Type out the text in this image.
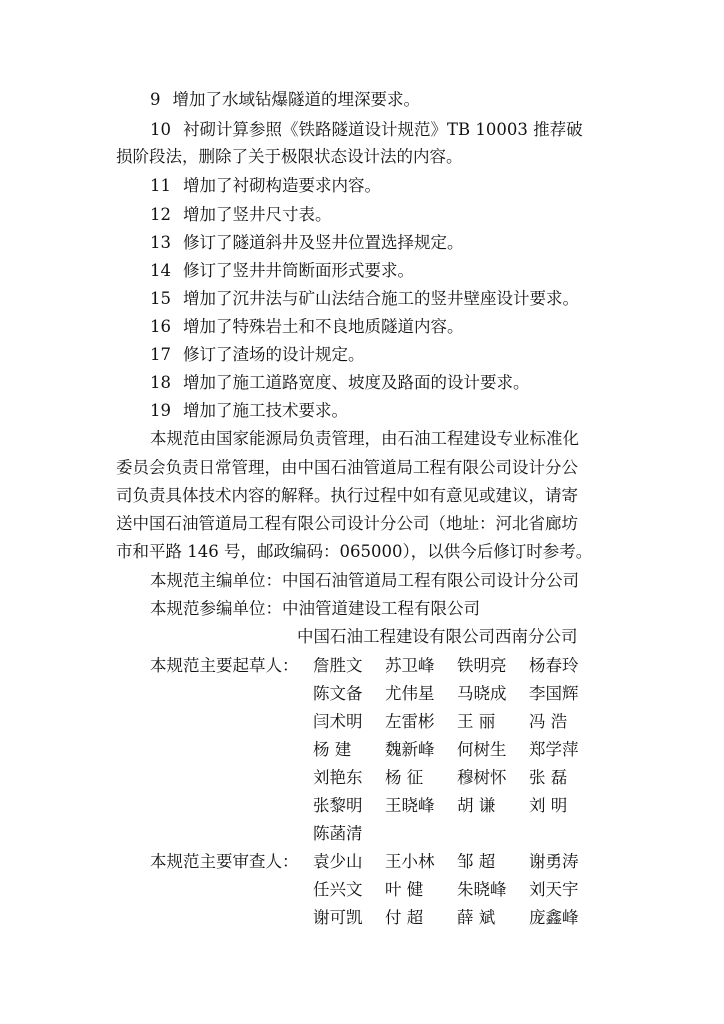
9 增加了水域钻爆隧道的埋深要求。
10 衬砌计算参照《铁路隧道设计规范》TB 10003 推荐破
损阶段法，删除了关于极限状态设计法的内容。
11 增加了衬砌构造要求内容。
12 增加了竖井尺寸表。
13 修订了隧道斜井及竖井位置选择规定。
14 修订了竖井井筒断面形式要求。
15 增加了沉井法与矿山法结合施工的竖井壁座设计要求。
16 增加了特殊岩土和不良地质隧道内容。
17 修订了渣场的设计规定。
18 增加了施工道路宽度、坡度及路面的设计要求。
19 增加了施工技术要求。
本规范由国家能源局负责管理，由石油工程建设专业标准化
委员会负责日常管理，由中国石油管道局工程有限公司设计分公
司负责具体技术内容的解释。执行过程中如有意见或建议，请寄
送中国石油管道局工程有限公司设计分公司（地址：河北省廊坊
市和平路 146 号，邮政编码：065000），以供今后修订时参考。
本规范主编单位：中国石油管道局工程有限公司设计分公司
本规范参编单位：中油管道建设工程有限公司
中国石油工程建设有限公司西南分公司
本规范主要起草人： 詹胜文 苏卫峰 铁明亮 杨春玲
陈文备 尤伟星 马晓成 李国辉
闫术明 左雷彬 王 丽 冯 浩
杨 建 魏新峰 何树生 郑学萍
刘艳东 杨 征 穆树怀 张 磊
张黎明 王晓峰 胡 谦 刘 明
陈菡清
本规范主要审查人： 袁少山 王小林 邹 超 谢勇涛
任兴文 叶 健 朱晓峰 刘天宇
谢可凯 付 超 薛 斌 庞鑫峰
